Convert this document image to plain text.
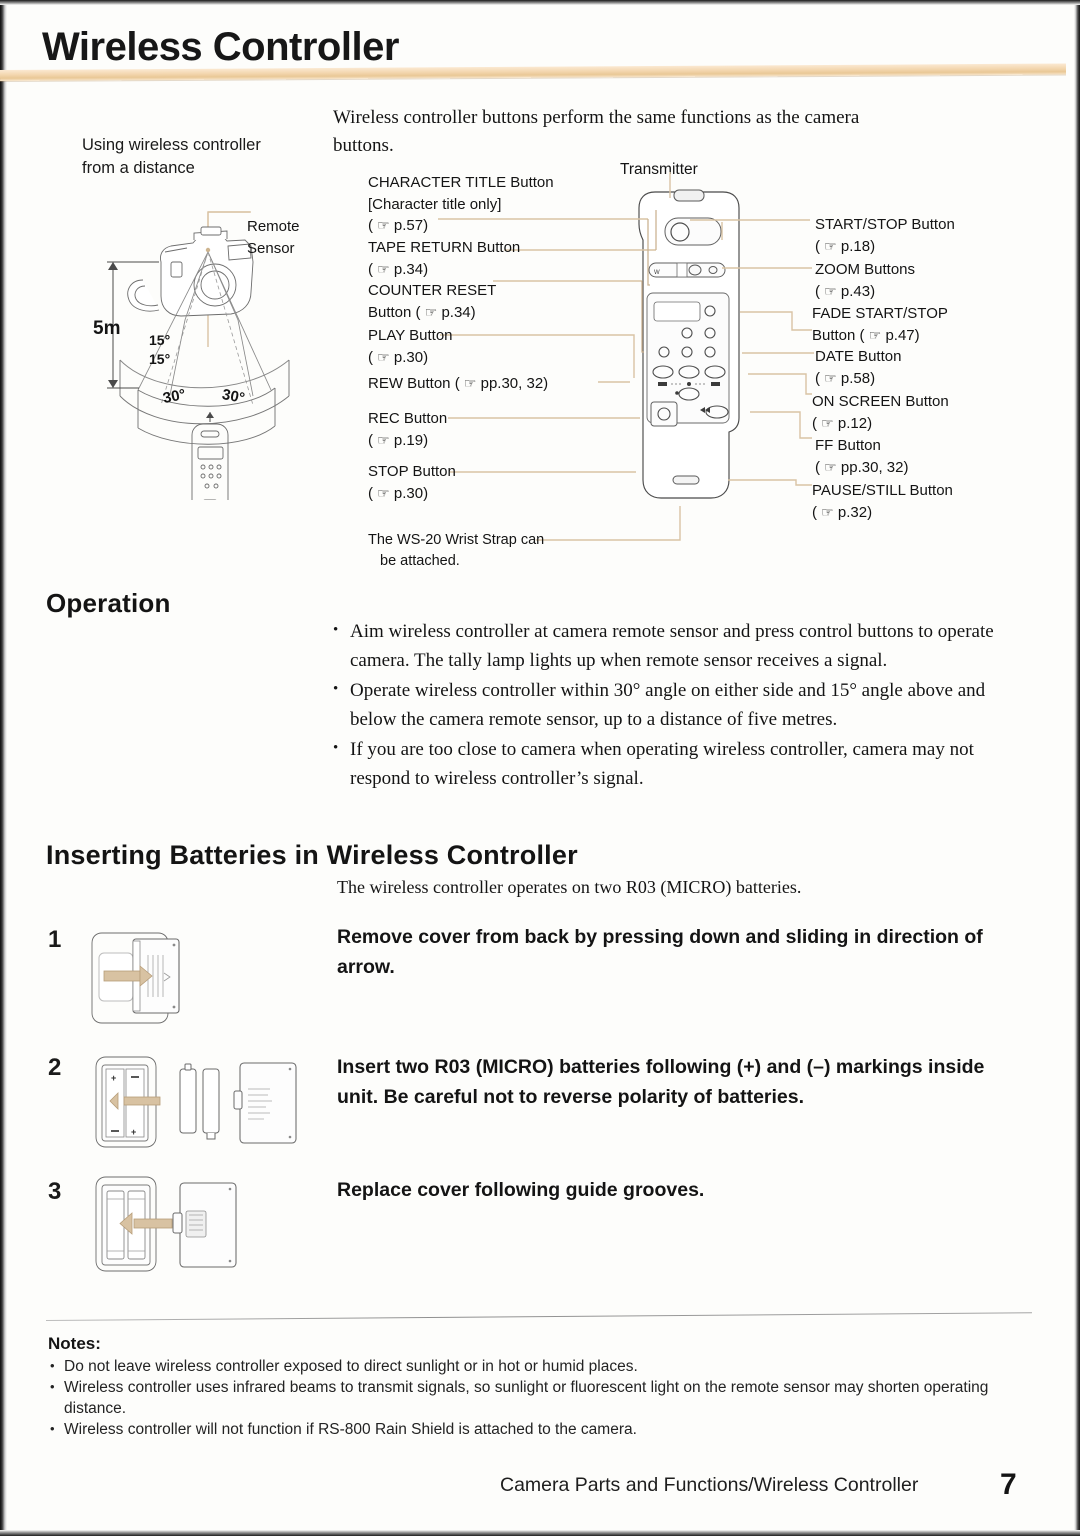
Wireless Controller
Wireless controller buttons perform the same functions as the camera
buttons.
Using wireless controller
from a distance	Transmitter
5m
15°
15°
30° 30°
Remote
Sensor
W
CHARACTER TITLE Button
[Character title only]
( ☞ p.57)
TAPE RETURN Button
( ☞ p.34)
COUNTER RESET
Button ( ☞ p.34)
PLAY Button
( ☞ p.30)
REW Button ( ☞ pp.30, 32)
REC Button
( ☞ p.19)
STOP Button
( ☞ p.30)
START/STOP Button
( ☞ p.18)
ZOOM Buttons
( ☞ p.43)
FADE START/STOP
Button ( ☞ p.47)
DATE Button
( ☞ p.58)
ON SCREEN Button
( ☞ p.12)
FF Button
( ☞ pp.30, 32)
PAUSE/STILL Button
( ☞ p.32)
The WS-20 Wrist Strap can
be attached.
Operation
• Aim wireless controller at camera remote sensor and press control buttons to operate camera. The tally lamp lights up when remote sensor receives a signal.
• Operate wireless controller within 30° angle on either side and 15° angle above and below the camera remote sensor, up to a distance of five metres.
• If you are too close to camera when operating wireless controller, camera may not respond to wireless controller’s signal.
Inserting Batteries in Wireless Controller
The wireless controller operates on two R03 (MICRO) batteries.
1	Remove cover from back by pressing down and sliding in direction of arrow.
2	+
+
Insert two R03 (MICRO) batteries following (+) and (–) markings inside unit. Be careful not to reverse polarity of batteries.
3	Replace cover following guide grooves.
Notes:
• Do not leave wireless controller exposed to direct sunlight or in hot or humid places.
• Wireless controller uses infrared beams to transmit signals, so sunlight or fluorescent light on the remote sensor may shorten operating distance.
• Wireless controller will not function if RS-800 Rain Shield is attached to the camera.
Camera Parts and Functions/Wireless Controller	7
